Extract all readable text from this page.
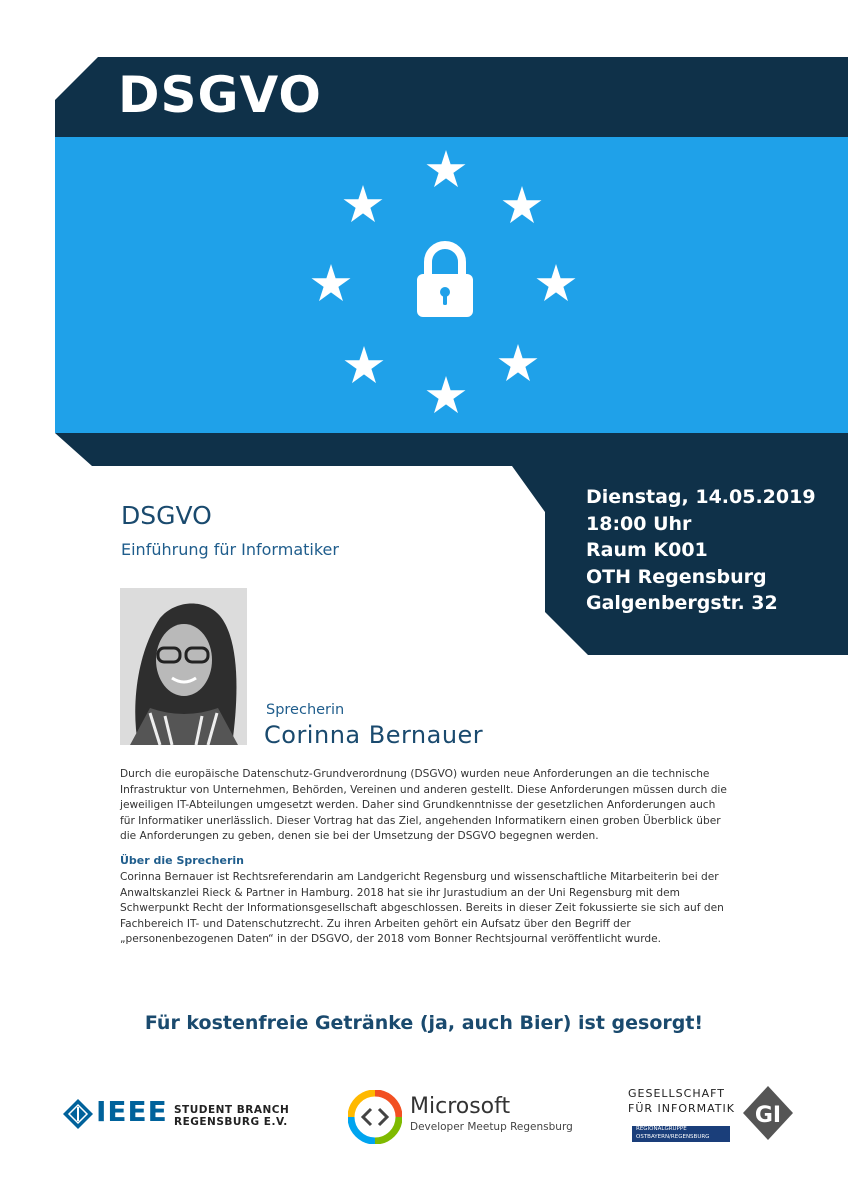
DSGVO
Dienstag, 14.05.2019
18:00 Uhr
Raum K001
OTH Regensburg
Galgenbergstr. 32
DSGVO
Einführung für Informatiker
Sprecherin
Corinna Bernauer
Durch die europäische Datenschutz-Grundverordnung (DSGVO) wurden neue Anforderungen an die technische Infrastruktur von Unternehmen, Behörden, Vereinen und anderen gestellt. Diese Anforderungen müssen durch die jeweiligen IT-Abteilungen umgesetzt werden. Daher sind Grundkenntnisse der gesetzlichen Anforderungen auch für Informatiker unerlässlich. Dieser Vortrag hat das Ziel, angehenden Informatikern einen groben Überblick über die Anforderungen zu geben, denen sie bei der Umsetzung der DSGVO begegnen werden.
Über die Sprecherin
Corinna Bernauer ist Rechtsreferendarin am Landgericht Regensburg und wissenschaftliche Mitarbeiterin bei der Anwaltskanzlei Rieck & Partner in Hamburg. 2018 hat sie ihr Jurastudium an der Uni Regensburg mit dem Schwerpunkt Recht der Informationsgesellschaft abgeschlossen. Bereits in dieser Zeit fokussierte sie sich auf den Fachbereich IT- und Datenschutzrecht. Zu ihren Arbeiten gehört ein Aufsatz über den Begriff der „personenbezogenen Daten“ in der DSGVO, der 2018 vom Bonner Rechtsjournal veröffentlicht wurde.
Für kostenfreie Getränke (ja, auch Bier) ist gesorgt!
IEEE STUDENT BRANCH
REGENSBURG E.V.
Microsoft
Developer Meetup Regensburg
GESELLSCHAFT
FÜR INFORMATIK
REGIONALGRUPPE
OSTBAYERN/REGENSBURG
GI
